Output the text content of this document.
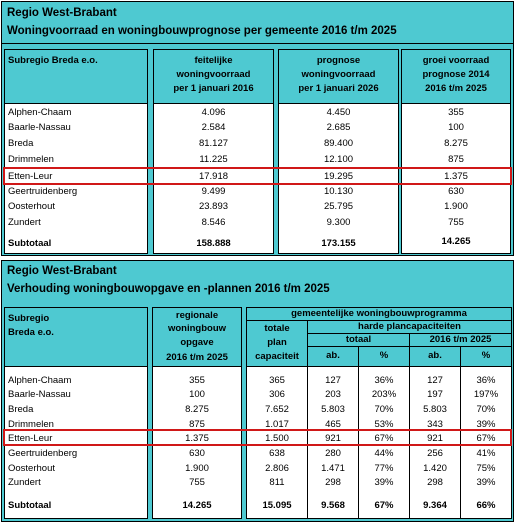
Regio West-Brabant
Woningvoorraad en woningbouwprognose per gemeente 2016 t/m 2025
Subregio Breda e.o.	feitelijke
woningvoorraad
per 1 januari 2016
prognose
woningvoorraad
per 1 januari 2026
groei voorraad
prognose 2014
2016 t/m 2025
Alphen-Chaam	4.096	4.450	355
Baarle-Nassau	2.584	2.685	100
Breda	81.127	89.400	8.275
Drimmelen	11.225	12.100	875
Etten-Leur	17.918	19.295	1.375
Geertruidenberg	9.499	10.130	630
Oosterhout	23.893	25.795	1.900
Zundert	8.546	9.300	755
Subtotaal	158.888	173.155	14.265
Regio West-Brabant
Verhouding woningbouwopgave en -plannen 2016 t/m 2025
Subregio
Breda e.o.
regionale
woningbouw
opgave
2016 t/m 2025
gemeentelijke woningbouwprogramma
totale
plan
capaciteit
harde plancapaciteiten
totaal	2016 t/m 2025
ab.	%	ab.	%
Alphen-Chaam	355	365	127	36%	127	36%
Baarle-Nassau	100	306	203	203%	197	197%
Breda	8.275	7.652	5.803	70%	5.803	70%
Drimmelen	875	1.017	465	53%	343	39%
Etten-Leur	1.375	1.500	921	67%	921	67%
Geertruidenberg	630	638	280	44%	256	41%
Oosterhout	1.900	2.806	1.471	77%	1.420	75%
Zundert	755	811	298	39%	298	39%
Subtotaal	14.265	15.095	9.568	67%	9.364	66%
